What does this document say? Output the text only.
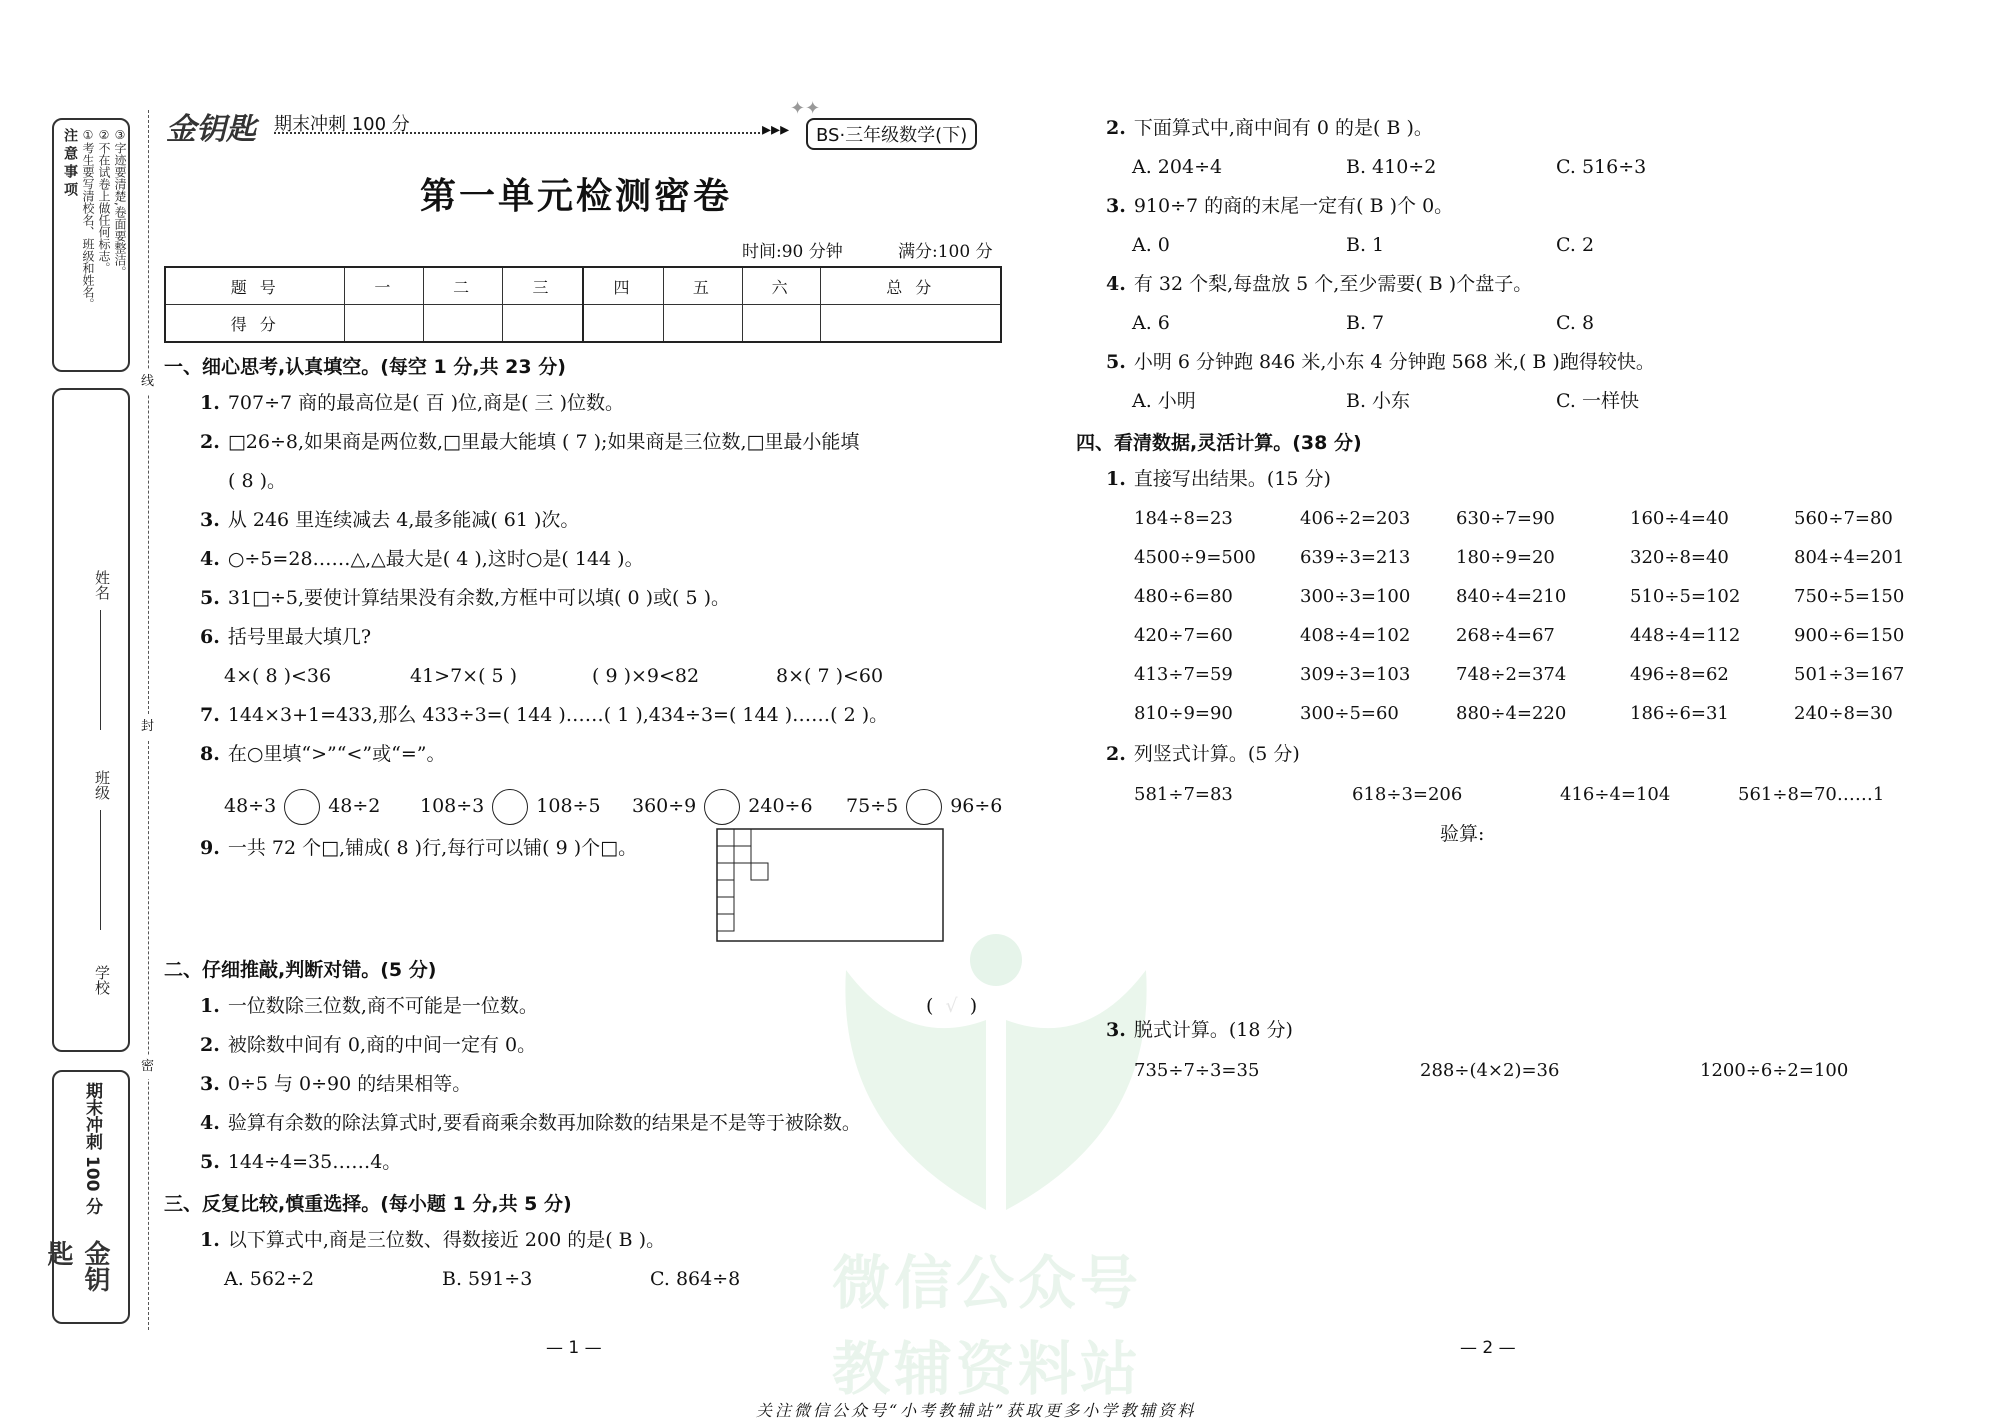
注意事项 ①考生要写清校名、班级和姓名。 ②不在试卷上做任何标志。 ③字迹要清楚,卷面要整洁。
姓名
班级
学校
期末冲刺 100 分
金钥匙
线
封
密
金钥匙 期末冲刺 100 分	▸▸▸	BS·三年级数学(下)
✦✦
第一单元检测密卷
时间:90 分钟	满分:100 分
题 号	一	二	三	四	五	六	总 分
得 分							
一、细心思考,认真填空。(每空 1 分,共 23 分)
1. 707÷7 商的最高位是( 百 )位,商是( 三 )位数。
2. □26÷8,如果商是两位数,□里最大能填 ( 7 );如果商是三位数,□里最小能填
( 8 )。
3. 从 246 里连续减去 4,最多能减( 61 )次。
4. ○÷5=28……△,△最大是( 4 ),这时○是( 144 )。
5. 31□÷5,要使计算结果没有余数,方框中可以填( 0 )或( 5 )。
6. 括号里最大填几?
4×( 8 )<36	41>7×( 5 )	( 9 )×9<82	8×( 7 )<60
7. 144×3+1=433,那么 433÷3=( 144 )……( 1 ),434÷3=( 144 )……( 2 )。
8. 在○里填“>”“<”或“=”。
48÷3	48÷2 108÷3	108÷5 360÷9	240÷6 75÷5	96÷6
9. 一共 72 个□,铺成( 8 )行,每行可以铺( 9 )个□。
二、仔细推敲,判断对错。(5 分)
1. 一位数除三位数,商不可能是一位数。	(  √  )
2. 被除数中间有 0,商的中间一定有 0。
3. 0÷5 与 0÷90 的结果相等。
4. 验算有余数的除法算式时,要看商乘余数再加除数的结果是不是等于被除数。
5. 144÷4=35……4。
三、反复比较,慎重选择。(每小题 1 分,共 5 分)
1. 以下算式中,商是三位数、得数接近 200 的是( B )。
A. 562÷2	B. 591÷3	C. 864÷8
— 1 —
2. 下面算式中,商中间有 0 的是( B )。
A. 204÷4	B. 410÷2	C. 516÷3
3. 910÷7 的商的末尾一定有( B )个 0。
A. 0	B. 1	C. 2
4. 有 32 个梨,每盘放 5 个,至少需要( B )个盘子。
A. 6	B. 7	C. 8
5. 小明 6 分钟跑 846 米,小东 4 分钟跑 568 米,( B )跑得较快。
A. 小明	B. 小东	C. 一样快
四、看清数据,灵活计算。(38 分)
1. 直接写出结果。(15 分)
184÷8=23	406÷2=203	630÷7=90	160÷4=40	560÷7=80
4500÷9=500 639÷3=213	180÷9=20	320÷8=40	804÷4=201
480÷6=80	300÷3=100	840÷4=210	510÷5=102	750÷5=150
420÷7=60	408÷4=102	268÷4=67	448÷4=112	900÷6=150
413÷7=59	309÷3=103	748÷2=374	496÷8=62	501÷3=167
810÷9=90	300÷5=60	880÷4=220	186÷6=31	240÷8=30
2. 列竖式计算。(5 分)
581÷7=83	618÷3=206	416÷4=104	561÷8=70……1
验算:
微信公众号
教辅资料站
3. 脱式计算。(18 分)
735÷7÷3=35	288÷(4×2)=36	1200÷6÷2=100
— 2 —
关注微信公众号“小考教辅站”获取更多小学教辅资料
